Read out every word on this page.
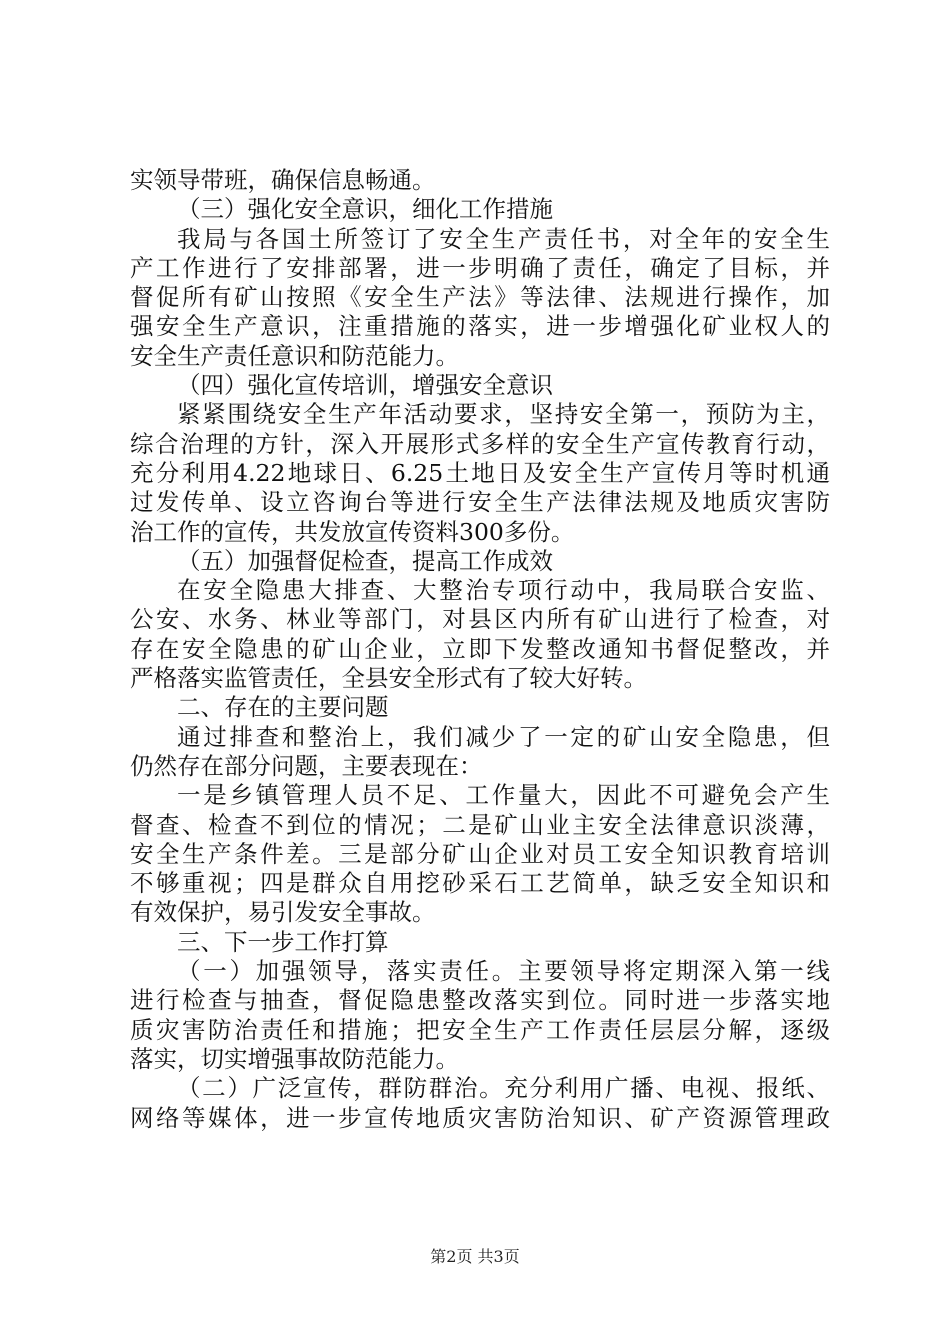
实领导带班，确保信息畅通。
（三）强化安全意识，细化工作措施
我局与各国土所签订了安全生产责任书，对全年的安全生
产工作进行了安排部署，进一步明确了责任，确定了目标，并
督促所有矿山按照《安全生产法》等法律、法规进行操作，加
强安全生产意识，注重措施的落实，进一步增强化矿业权人的
安全生产责任意识和防范能力。
（四）强化宣传培训，增强安全意识
紧紧围绕安全生产年活动要求，坚持安全第一，预防为主，
综合治理的方针，深入开展形式多样的安全生产宣传教育行动，
充分利用4.22地球日、6.25土地日及安全生产宣传月等时机通
过发传单、设立咨询台等进行安全生产法律法规及地质灾害防
治工作的宣传，共发放宣传资料300多份。
（五）加强督促检查，提高工作成效
在安全隐患大排查、大整治专项行动中，我局联合安监、
公安、水务、林业等部门，对县区内所有矿山进行了检查，对
存在安全隐患的矿山企业，立即下发整改通知书督促整改，并
严格落实监管责任，全县安全形式有了较大好转。
二、存在的主要问题
通过排查和整治上，我们减少了一定的矿山安全隐患，但
仍然存在部分问题，主要表现在：
一是乡镇管理人员不足、工作量大，因此不可避免会产生
督查、检查不到位的情况；二是矿山业主安全法律意识淡薄，
安全生产条件差。三是部分矿山企业对员工安全知识教育培训
不够重视；四是群众自用挖砂采石工艺简单，缺乏安全知识和
有效保护，易引发安全事故。
三、下一步工作打算
（一）加强领导，落实责任。主要领导将定期深入第一线
进行检查与抽查，督促隐患整改落实到位。同时进一步落实地
质灾害防治责任和措施；把安全生产工作责任层层分解，逐级
落实，切实增强事故防范能力。
（二）广泛宣传，群防群治。充分利用广播、电视、报纸、
网络等媒体，进一步宣传地质灾害防治知识、矿产资源管理政
第2页 共3页
